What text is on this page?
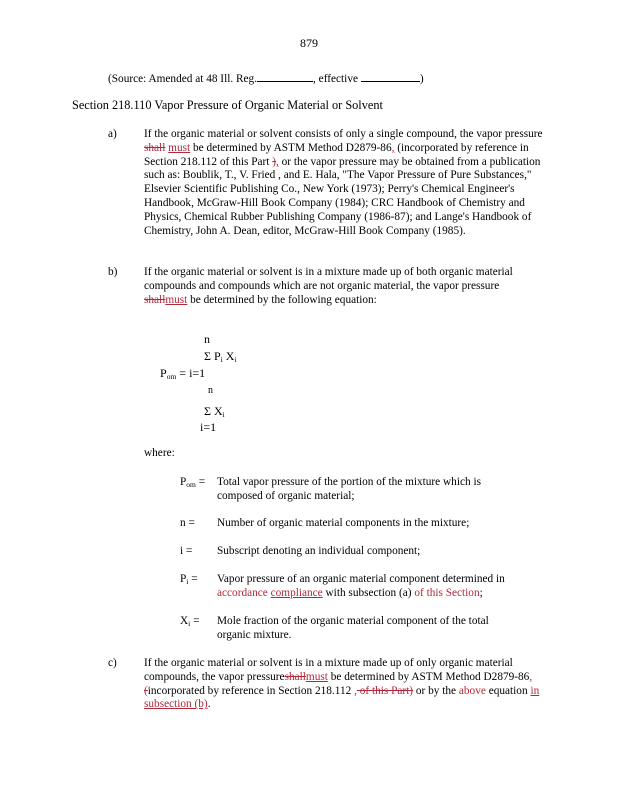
879
(Source: Amended at 48 Ill. Reg.	, effective	)
Section 218.110 Vapor Pressure of Organic Material or Solvent
a) If the organic material or solvent consists of only a single compound, the vapor pressure shall must be determined by ASTM Method D2879-86, (incorporated by reference in Section 218.112 of this Part ), or the vapor pressure may be obtained from a publication such as: Boublik, T., V. Fried , and E. Hala, "The Vapor Pressure of Pure Substances," Elsevier Scientific Publishing Co., New York (1973); Perry's Chemical Engineer's Handbook, McGraw-Hill Book Company (1984); CRC Handbook of Chemistry and Physics, Chemical Rubber Publishing Company (1986-87); and Lange's Handbook of Chemistry, John A. Dean, editor, McGraw-Hill Book Company (1985).
b) If the organic material or solvent is in a mixture made up of both organic material compounds and compounds which are not organic material, the vapor pressure shallmust be determined by the following equation:
n
Σ $P_i$ $X_i$
$P_{om} = i=1$
n
Σ $X_i$
i=1
where:
$P_{om}$ = Total vapor pressure of the portion of the mixture which is composed of organic material;
n = Number of organic material components in the mixture;
i = Subscript denoting an individual component;
$P_i$ = Vapor pressure of an organic material component determined in accordance compliance with subsection (a) of this Section;
$X_i$ = Mole fraction of the organic material component of the total organic mixture.
c) If the organic material or solvent is in a mixture made up of only organic material compounds, the vapor pressureshallmust be determined by ASTM Method D2879-86, (incorporated by reference in Section 218.112 , of this Part) or by the above equation in subsection (b).
